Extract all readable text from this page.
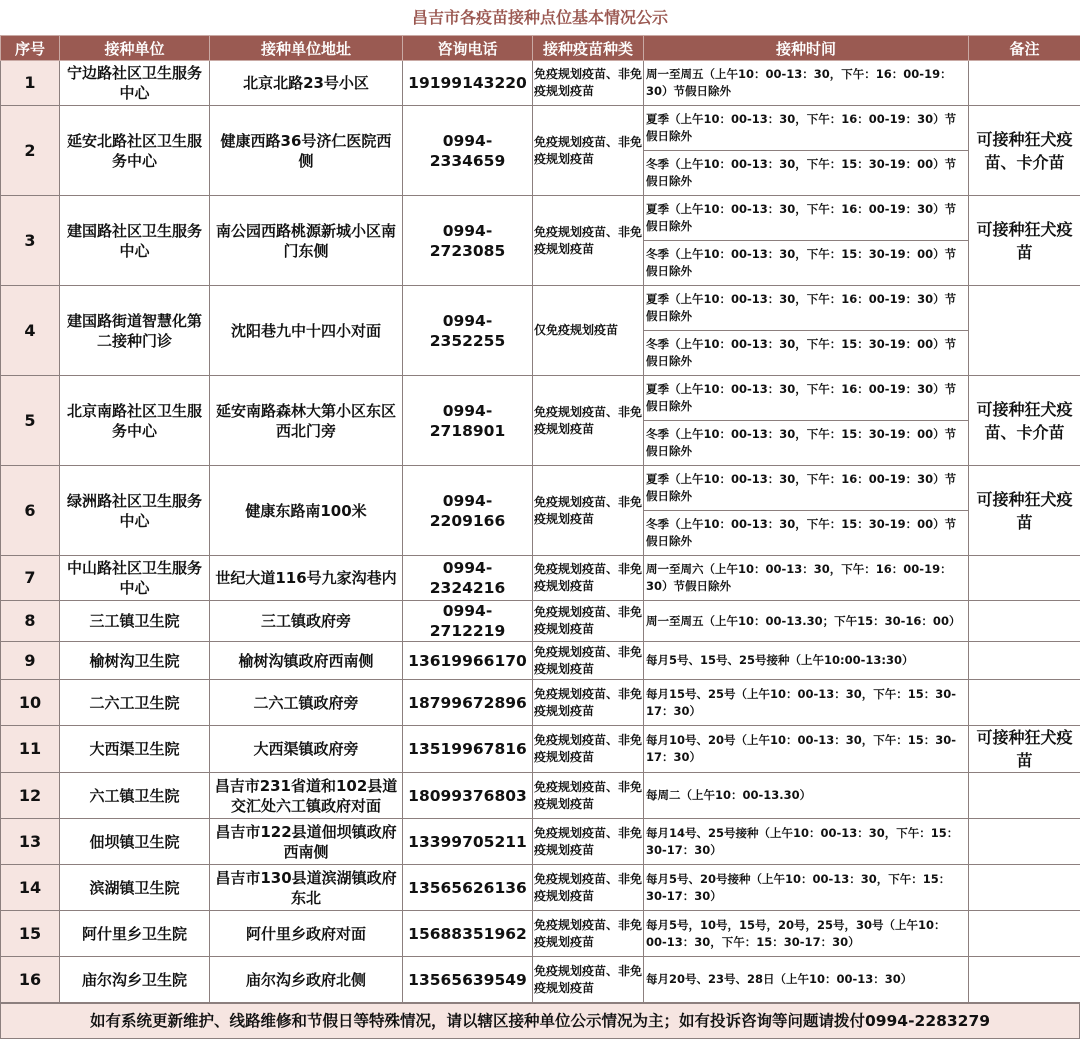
昌吉市各疫苗接种点位基本情况公示
序号	接种单位	接种单位地址	咨询电话	接种疫苗种类	接种时间	备注
1	宁边路社区卫生服务中心	北京北路23号小区	19199143220	免疫规划疫苗、非免疫规划疫苗	周一至周五（上午10：00-13：30，下午：16：00-19：30）节假日除外	
2	延安北路社区卫生服务中心	健康西路36号济仁医院西侧	0994-2334659	免疫规划疫苗、非免疫规划疫苗	夏季（上午10：00-13：30，下午：16：00-19：30）节假日除外	可接种狂犬疫苗、卡介苗
					冬季（上午10：00-13：30，下午：15：30-19：00）节假日除外	
3	建国路社区卫生服务中心	南公园西路桃源新城小区南门东侧	0994-2723085	免疫规划疫苗、非免疫规划疫苗	夏季（上午10：00-13：30，下午：16：00-19：30）节假日除外	可接种狂犬疫苗
					冬季（上午10：00-13：30，下午：15：30-19：00）节假日除外	
4	建国路街道智慧化第二接种门诊	沈阳巷九中十四小对面	0994-2352255	仅免疫规划疫苗	夏季（上午10：00-13：30，下午：16：00-19：30）节假日除外	
					冬季（上午10：00-13：30，下午：15：30-19：00）节假日除外	
5	北京南路社区卫生服务中心	延安南路森林大第小区东区西北门旁	0994-2718901	免疫规划疫苗、非免疫规划疫苗	夏季（上午10：00-13：30，下午：16：00-19：30）节假日除外	可接种狂犬疫苗、卡介苗
					冬季（上午10：00-13：30，下午：15：30-19：00）节假日除外	
6	绿洲路社区卫生服务中心	健康东路南100米	0994-2209166	免疫规划疫苗、非免疫规划疫苗	夏季（上午10：00-13：30，下午：16：00-19：30）节假日除外	可接种狂犬疫苗
					冬季（上午10：00-13：30，下午：15：30-19：00）节假日除外	
7	中山路社区卫生服务中心	世纪大道116号九家沟巷内	0994-2324216	免疫规划疫苗、非免疫规划疫苗	周一至周六（上午10：00-13：30，下午：16：00-19：30）节假日除外	
8	三工镇卫生院	三工镇政府旁	0994-2712219	免疫规划疫苗、非免疫规划疫苗	周一至周五（上午10：00-13.30；下午15：30-16：00）	
9	榆树沟卫生院	榆树沟镇政府西南侧	13619966170	免疫规划疫苗、非免疫规划疫苗	每月5号、15号、25号接种（上午10:00-13:30）	
10	二六工卫生院	二六工镇政府旁	18799672896	免疫规划疫苗、非免疫规划疫苗	每月15号、25号（上午10：00-13：30，下午：15：30-17：30）	
11	大西渠卫生院	大西渠镇政府旁	13519967816	免疫规划疫苗、非免疫规划疫苗	每月10号、20号（上午10：00-13：30，下午：15：30-17：30）	可接种狂犬疫苗
12	六工镇卫生院	昌吉市231省道和102县道交汇处六工镇政府对面	18099376803	免疫规划疫苗、非免疫规划疫苗	每周二（上午10：00-13.30）	
13	佃坝镇卫生院	昌吉市122县道佃坝镇政府西南侧	13399705211	免疫规划疫苗、非免疫规划疫苗	每月14号、25号接种（上午10：00-13：30，下午：15：30-17：30）	
14	滨湖镇卫生院	昌吉市130县道滨湖镇政府东北	13565626136	免疫规划疫苗、非免疫规划疫苗	每月5号、20号接种（上午10：00-13：30，下午：15：30-17：30）	
15	阿什里乡卫生院	阿什里乡政府对面	15688351962	免疫规划疫苗、非免疫规划疫苗	每月5号，10号，15号，20号，25号，30号（上午10：00-13：30，下午：15：30-17：30）	
16	庙尔沟乡卫生院	庙尔沟乡政府北侧	13565639549	免疫规划疫苗、非免疫规划疫苗	每月20号、23号、28日（上午10：00-13：30）	
如有系统更新维护、线路维修和节假日等特殊情况，请以辖区接种单位公示情况为主；如有投诉咨询等问题请拨付0994-2283279
